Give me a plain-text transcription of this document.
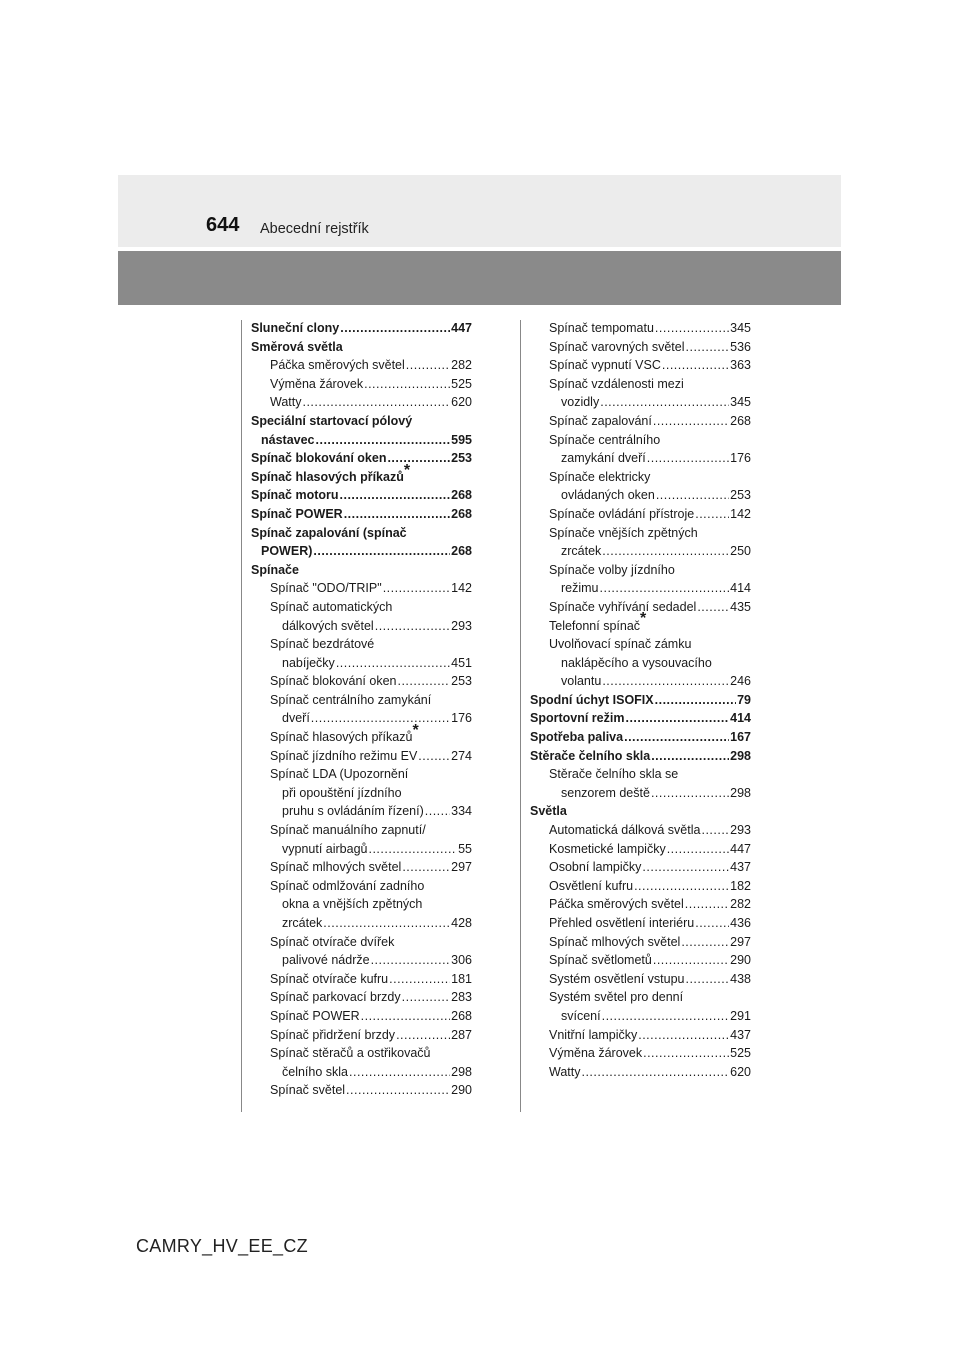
644 Abecední rejstřík
Sluneční clony .....	447
Směrová světla
Páčka směrových světel .....	282
Výměna žárovek .....	525
Watty .....	620
Speciální startovací pólový
nástavec .....	595
Spínač blokování oken .....	253
Spínač hlasových příkazů*
Spínač motoru .....	268
Spínač POWER .....	268
Spínač zapalování (spínač
POWER) .....	268
Spínače
Spínač "ODO/TRIP" .....	142
Spínač automatických
dálkových světel .....	293
Spínač bezdrátové
nabíječky .....	451
Spínač blokování oken .....	253
Spínač centrálního zamykání
dveří .....	176
Spínač hlasových příkazů*
Spínač jízdního režimu EV .....	274
Spínač LDA (Upozornění
při opouštění jízdního
pruhu s ovládáním řízení) ..... 334
Spínač manuálního zapnutí/
vypnutí airbagů .....	55
Spínač mlhových světel .....	297
Spínač odmlžování zadního
okna a vnějších zpětných
zrcátek .....	428
Spínač otvírače dvířek
palivové nádrže .....	306
Spínač otvírače kufru .....	181
Spínač parkovací brzdy .....	283
Spínač POWER .....	268
Spínač přidržení brzdy .....	287
Spínač stěračů a ostřikovačů
čelního skla .....	298
Spínač světel .....	290
Spínač tempomatu .....	345
Spínač varovných světel .....	536
Spínač vypnutí VSC .....	363
Spínač vzdálenosti mezi
vozidly .....	345
Spínač zapalování .....	268
Spínače centrálního
zamykání dveří .....	176
Spínače elektricky
ovládaných oken .....	253
Spínače ovládání přístroje .....	142
Spínače vnějších zpětných
zrcátek .....	250
Spínače volby jízdního
režimu .....	414
Spínače vyhřívání sedadel .....	435
Telefonní spínač*
Uvolňovací spínač zámku
naklápěcího a vysouvacího
volantu .....	246
Spodní úchyt ISOFIX .....	79
Sportovní režim .....	414
Spotřeba paliva .....	167
Stěrače čelního skla .....	298
Stěrače čelního skla se
senzorem deště .....	298
Světla
Automatická dálková světla ..... 293
Kosmetické lampičky .....	447
Osobní lampičky .....	437
Osvětlení kufru .....	182
Páčka směrových světel .....	282
Přehled osvětlení interiéru .....	436
Spínač mlhových světel .....	297
Spínač světlometů .....	290
Systém osvětlení vstupu .....	438
Systém světel pro denní
svícení .....	291
Vnitřní lampičky .....	437
Výměna žárovek .....	525
Watty .....	620
CAMRY_HV_EE_CZ
